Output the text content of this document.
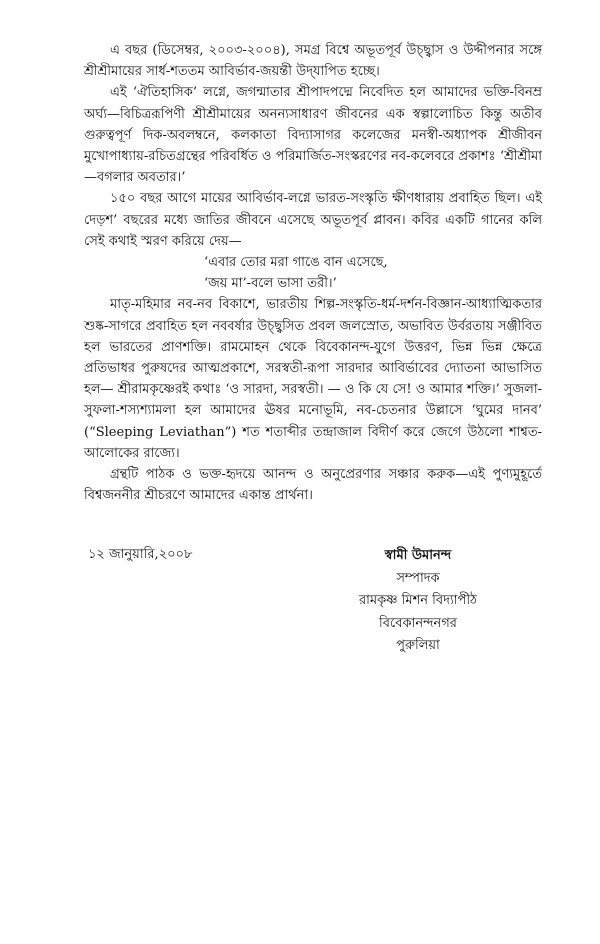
এ বছর (ডিসেম্বর, ২০০৩-২০০৪), সমগ্র বিশ্বে অভূতপূর্ব উচ্ছ্বাস ও উদ্দীপনার সঙ্গে শ্রীশ্রীমায়ের সার্ধ-শততম আবির্ভাব-জয়ন্তী উদ্‌যাপিত হচ্ছে।

এই ‘ঐতিহাসিক’ লগ্নে, জগন্মাতার শ্রীপাদপদ্মে নিবেদিত হল আমাদের ভক্তি-বিনম্র অর্ঘ্য—বিচিত্ররূপিণী শ্রীশ্রীমায়ের অনন্যসাধারণ জীবনের এক স্বল্পালোচিত কিন্তু অতীব গুরুত্বপূর্ণ দিক-অবলম্বনে, কলকাতা বিদ্যাসাগর কলেজের মনস্বী-অধ্যাপক শ্রীজীবন মুখোপাধ্যায়-রচিতগ্রন্থের পরিবর্ধিত ও পরিমার্জিত-সংস্করণের নব-কলেবরে প্রকাশঃ ‘শ্রীশ্রীমা—বগলার অবতার।’

১৫০ বছর আগে মায়ের আবির্ভাব-লগ্নে ভারত-সংস্কৃতি ক্ষীণধারায় প্রবাহিত ছিল। এই দেড়শ’ বছরের মধ্যে জাতির জীবনে এসেছে অভূতপূর্ব প্লাবন। কবির একটি গানের কলি সেই কথাই স্মরণ করিয়ে দেয়—

‘এবার তোর মরা গাঙে বান এসেছে,

‘জয় মা’-বলে ভাসা তরী।’

মাতৃ-মহিমার নব-নব বিকাশে, ভারতীয় শিল্প-সংস্কৃতি-ধর্ম-দর্শন-বিজ্ঞান-আধ্যাত্মিকতার শুষ্ক-সাগরে প্রবাহিত হল নববর্ষার উচ্ছ্বসিত প্রবল জলস্রোত, অভাবিত উর্বরতায় সঞ্জীবিত হল ভারতের প্রাণশক্তি। রামমোহন থেকে বিবেকানন্দ-যুগে উত্তরণ, ভিন্ন ভিন্ন ক্ষেত্রে প্রতিভাধর পুরুষদের আত্মপ্রকাশে, সরস্বতী-রূপা সারদার আবির্ভাবের দ্যোতনা আভাসিত হল— শ্রীরামকৃষ্ণেরই কথাঃ ‘ও সারদা, সরস্বতী। — ও কি যে সে! ও আমার শক্তি।’ সুজলা-সুফলা-শস্যশ্যামলা হল আমাদের ঊষর মনোভূমি, নব-চেতনার উল্লাসে ‘ঘুমের দানব’ (“Sleeping Leviathan”) শত শতাব্দীর তন্দ্রাজাল বিদীর্ণ করে জেগে উঠলো শাশ্বত-আলোকের রাজ্যে।

গ্রন্থটি পাঠক ও ভক্ত-হৃদয়ে আনন্দ ও অনুপ্রেরণার সঞ্চার করুক—এই পুণ্যমুহূর্তে বিশ্বজননীর শ্রীচরণে আমাদের একান্ত প্রার্থনা।

১২ জানুয়ারি,২০০৮	স্বামী উমানন্দ
সম্পাদক
রামকৃষ্ণ মিশন বিদ্যাপীঠ
বিবেকানন্দনগর
পুরুলিয়া
